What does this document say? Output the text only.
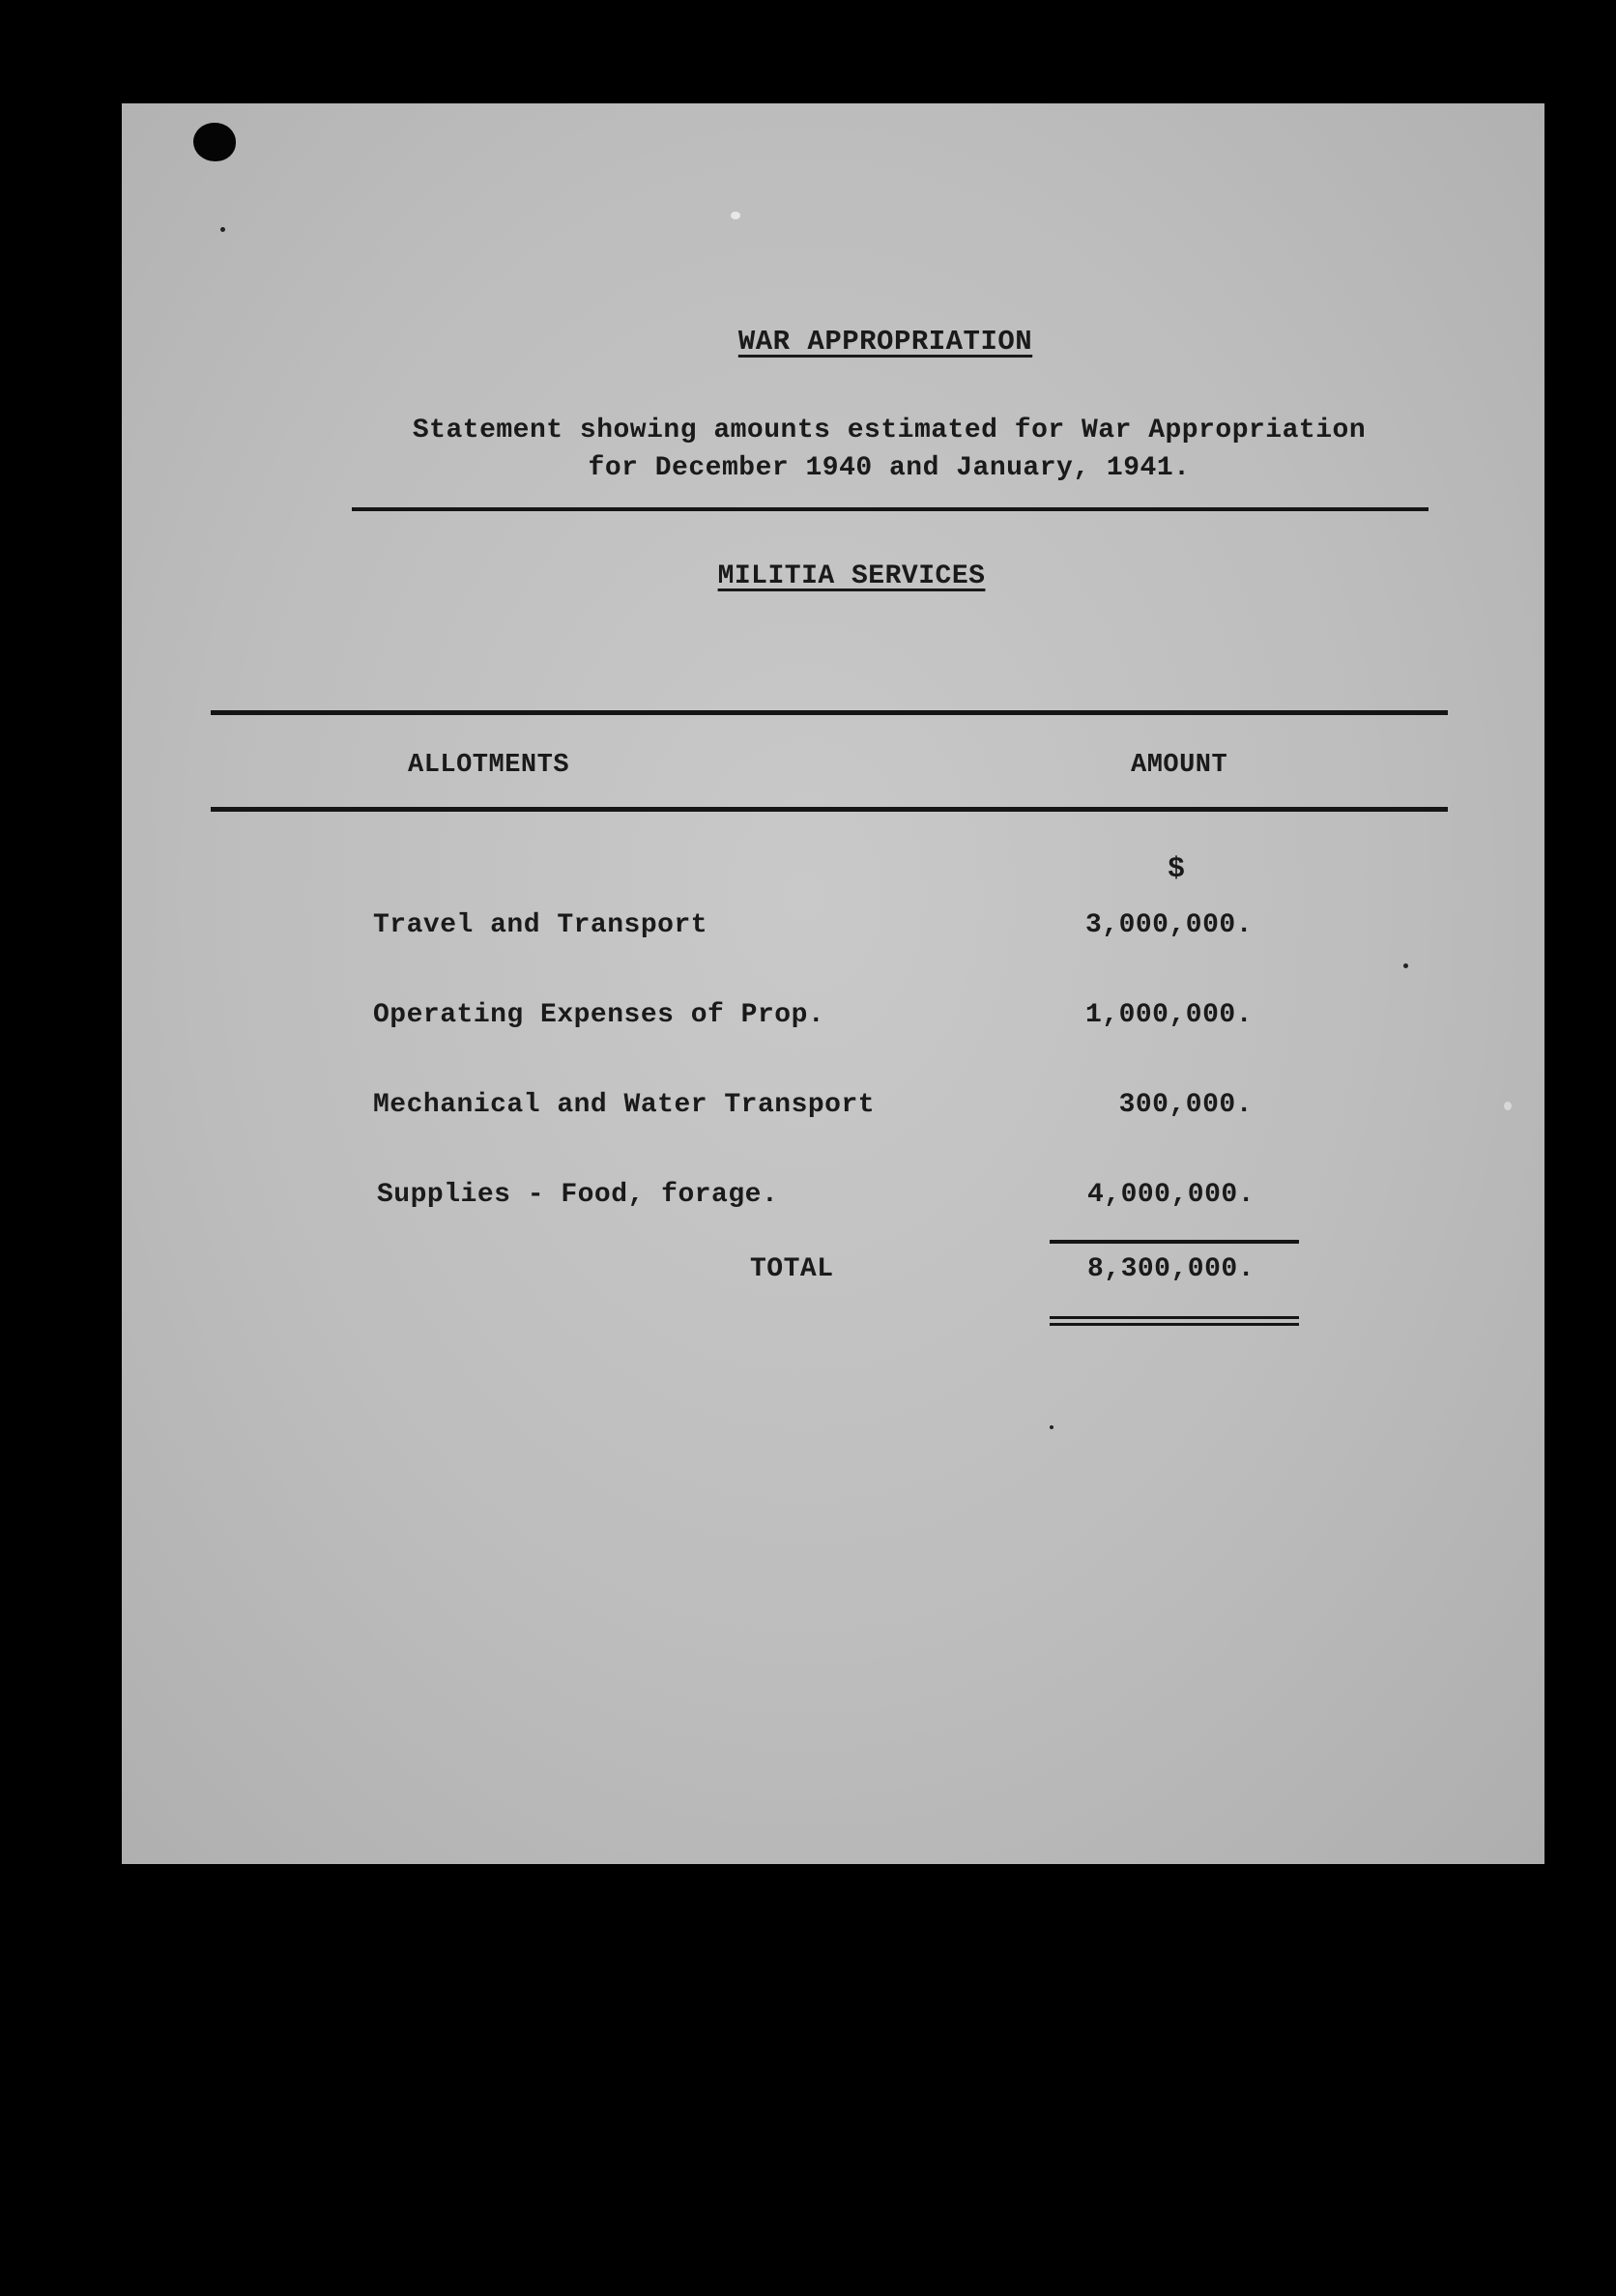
WAR APPROPRIATION
Statement showing amounts estimated for War Appropriation
for December 1940 and January, 1941.
MILITIA SERVICES
ALLOTMENTS	AMOUNT
$
Travel and Transport	3,000,000.
Operating Expenses of Prop.	1,000,000.
Mechanical and Water Transport	300,000.
Supplies - Food, forage.	4,000,000.
TOTAL	8,300,000.
